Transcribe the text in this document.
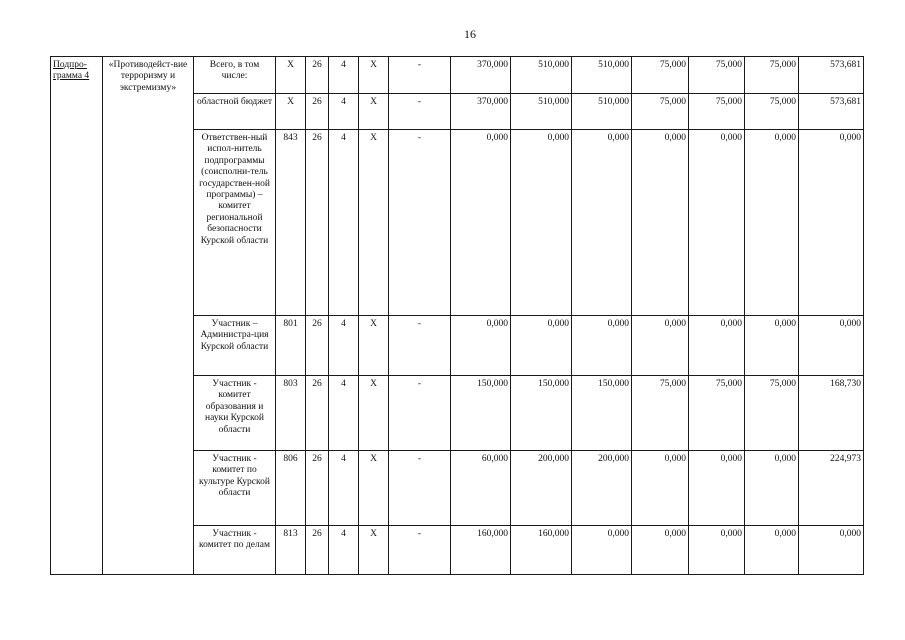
16
Подпро-грамма 4	«Противодейст-вие терроризму и экстремизму»	Всего, в том числе:	Х	26	4	Х	-	370,000	510,000	510,000	75,000	75,000	75,000	573,681
		областной бюджет	Х	26	4	Х	-	370,000	510,000	510,000	75,000	75,000	75,000	573,681
		Ответствен-ный испол-нитель подпрограммы (соисполни-тель государствен-ной программы) – комитет региональной безопасности Курской области	843	26	4	Х	-	0,000	0,000	0,000	0,000	0,000	0,000	0,000
		Участник – Администра-ция Курской области	801	26	4	Х	-	0,000	0,000	0,000	0,000	0,000	0,000	0,000
		Участник - комитет образования и науки Курской области	803	26	4	Х	-	150,000	150,000	150,000	75,000	75,000	75,000	168,730
		Участник - комитет по культуре Курской области	806	26	4	Х	-	60,000	200,000	200,000	0,000	0,000	0,000	224,973
		Участник - комитет по делам	813	26	4	Х	-	160,000	160,000	0,000	0,000	0,000	0,000	0,000
